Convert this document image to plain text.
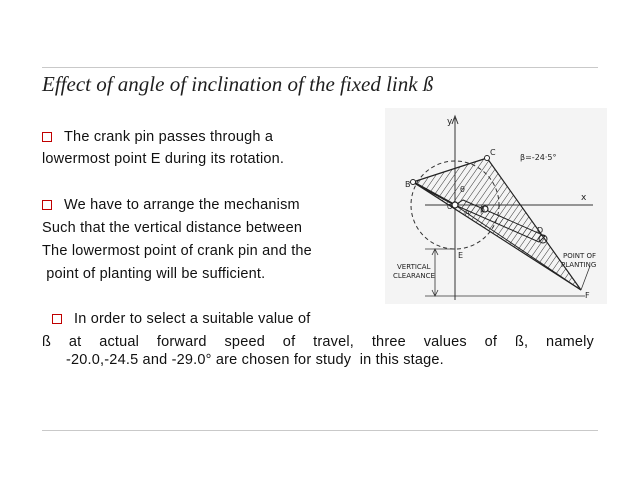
Effect of angle of inclination of the fixed link ß
The crank pin passes through a
lowermost point E during its rotation.
We have to arrange the mechanism
Such that the vertical distance between
The lowermost point of crank pin and the
point of planting will be sufficient.
In order to select a suitable value of
ß at actual forward speed of travel, three values of ß, namely
-20.0,-24.5 and -29.0° are chosen for study  in this stage.
y
x
β=-24·5°
B
C
D
E
F
O
A
θ
β
VERTICAL
CLEARANCE
POINT OF
PLANTING
